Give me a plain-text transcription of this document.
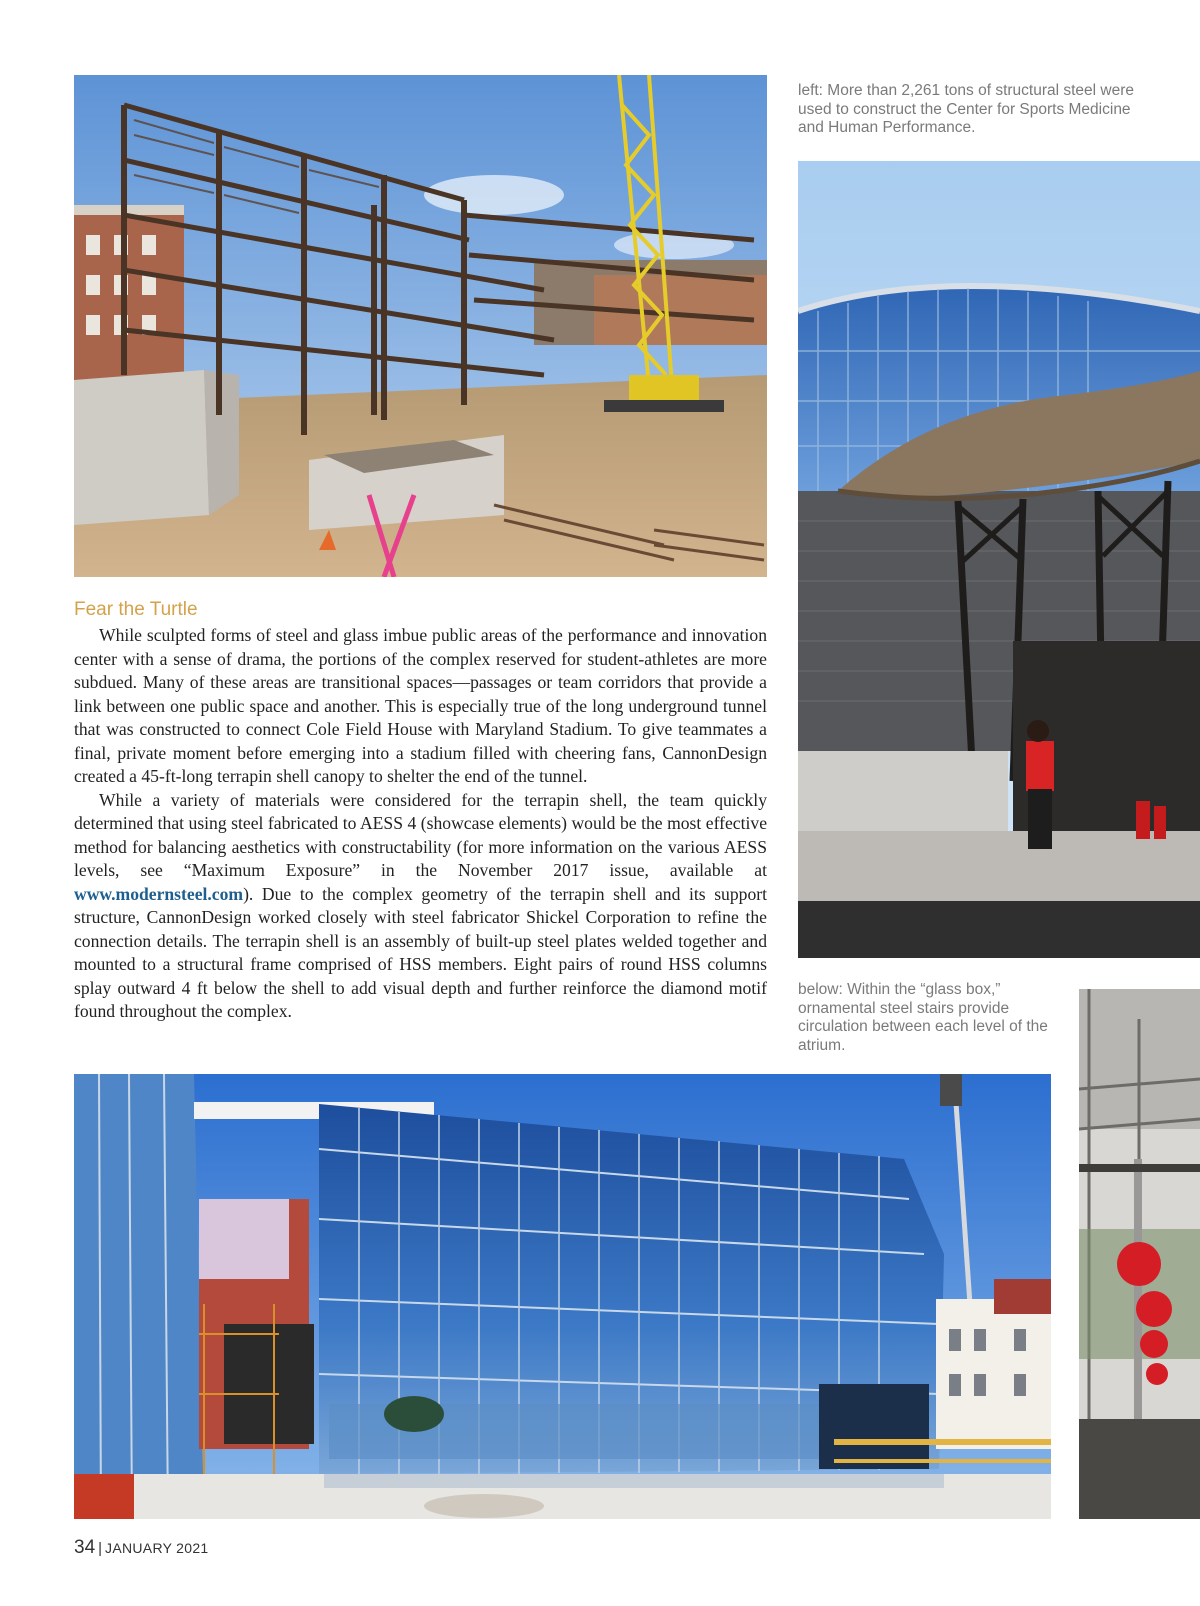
left: More than 2,261 tons of structural steel were used to construct the Center for Sports Medicine and Human Performance.
Fear the Turtle

While sculpted forms of steel and glass imbue public areas of the performance and innovation center with a sense of drama, the portions of the complex reserved for student-athletes are more subdued. Many of these areas are transitional spaces—passages or team corridors that provide a link between one public space and another. This is especially true of the long underground tunnel that was constructed to connect Cole Field House with Maryland Stadium. To give teammates a final, private moment before emerging into a stadium filled with cheering fans, CannonDesign created a 45-ft-long terrapin shell canopy to shelter the end of the tunnel.

While a variety of materials were considered for the terrapin shell, the team quickly determined that using steel fabricated to AESS 4 (showcase elements) would be the most effective method for balancing aesthetics with constructability (for more information on the various AESS levels, see “Maximum Exposure” in the November 2017 issue, available at www.modernsteel.com). Due to the complex geometry of the terrapin shell and its support structure, CannonDesign worked closely with steel fabricator Shickel Corporation to refine the connection details. The terrapin shell is an assembly of built-up steel plates welded together and mounted to a structural frame comprised of HSS members. Eight pairs of round HSS columns splay outward 4 ft below the shell to add visual depth and further reinforce the diamond motif found throughout the complex.

below: Within the “glass box,” ornamental steel stairs provide circulation between each level of the atrium.
34 | JANUARY 2021
